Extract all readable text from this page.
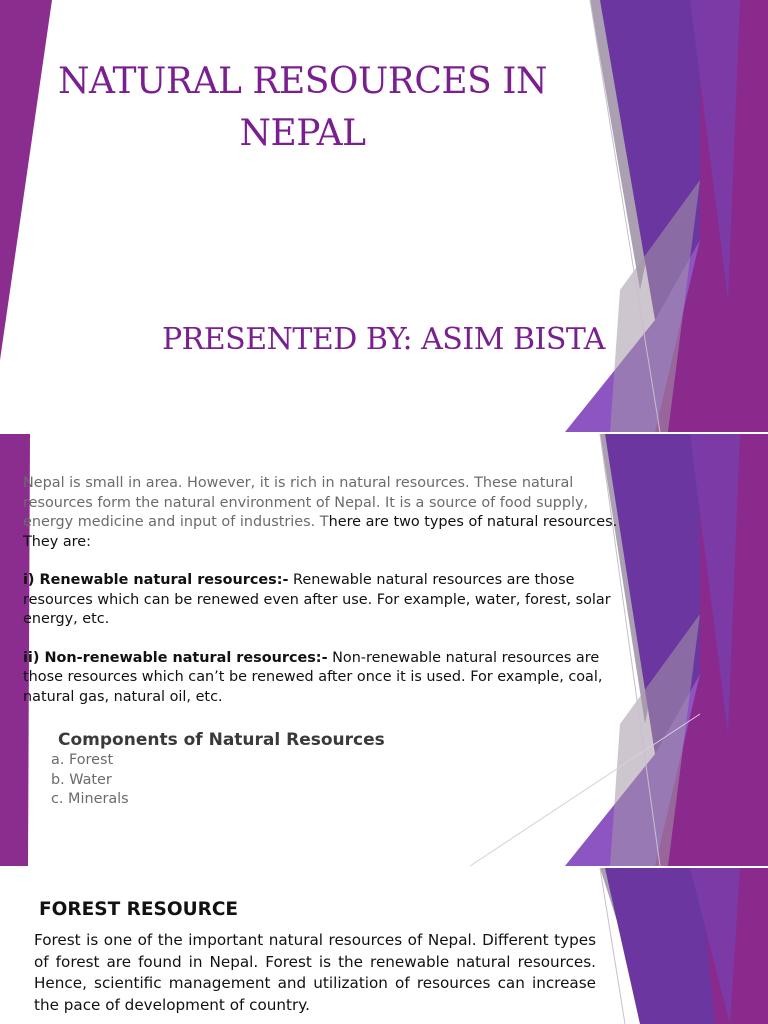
NATURAL RESOURCES IN
NEPAL
PRESENTED BY: ASIM BISTA

Nepal is small in area. However, it is rich in natural resources. These natural resources form the natural environment of Nepal. It is a source of food supply, energy medicine and input of industries. There are two types of natural resources. They are:

i) Renewable natural resources:- Renewable natural resources are those resources which can be renewed even after use. For example, water, forest, solar energy, etc.

ii) Non-renewable natural resources:- Non-renewable natural resources are those resources which can’t be renewed after once it is used. For example, coal, natural gas, natural oil, etc.

Components of Natural Resources
a. Forest
b. Water
c. Minerals
FOREST RESOURCE
Forest is one of the important natural resources of Nepal. Different types of forest are found in Nepal. Forest is the renewable natural resources. Hence, scientific management and utilization of resources can increase the pace of development of country.
